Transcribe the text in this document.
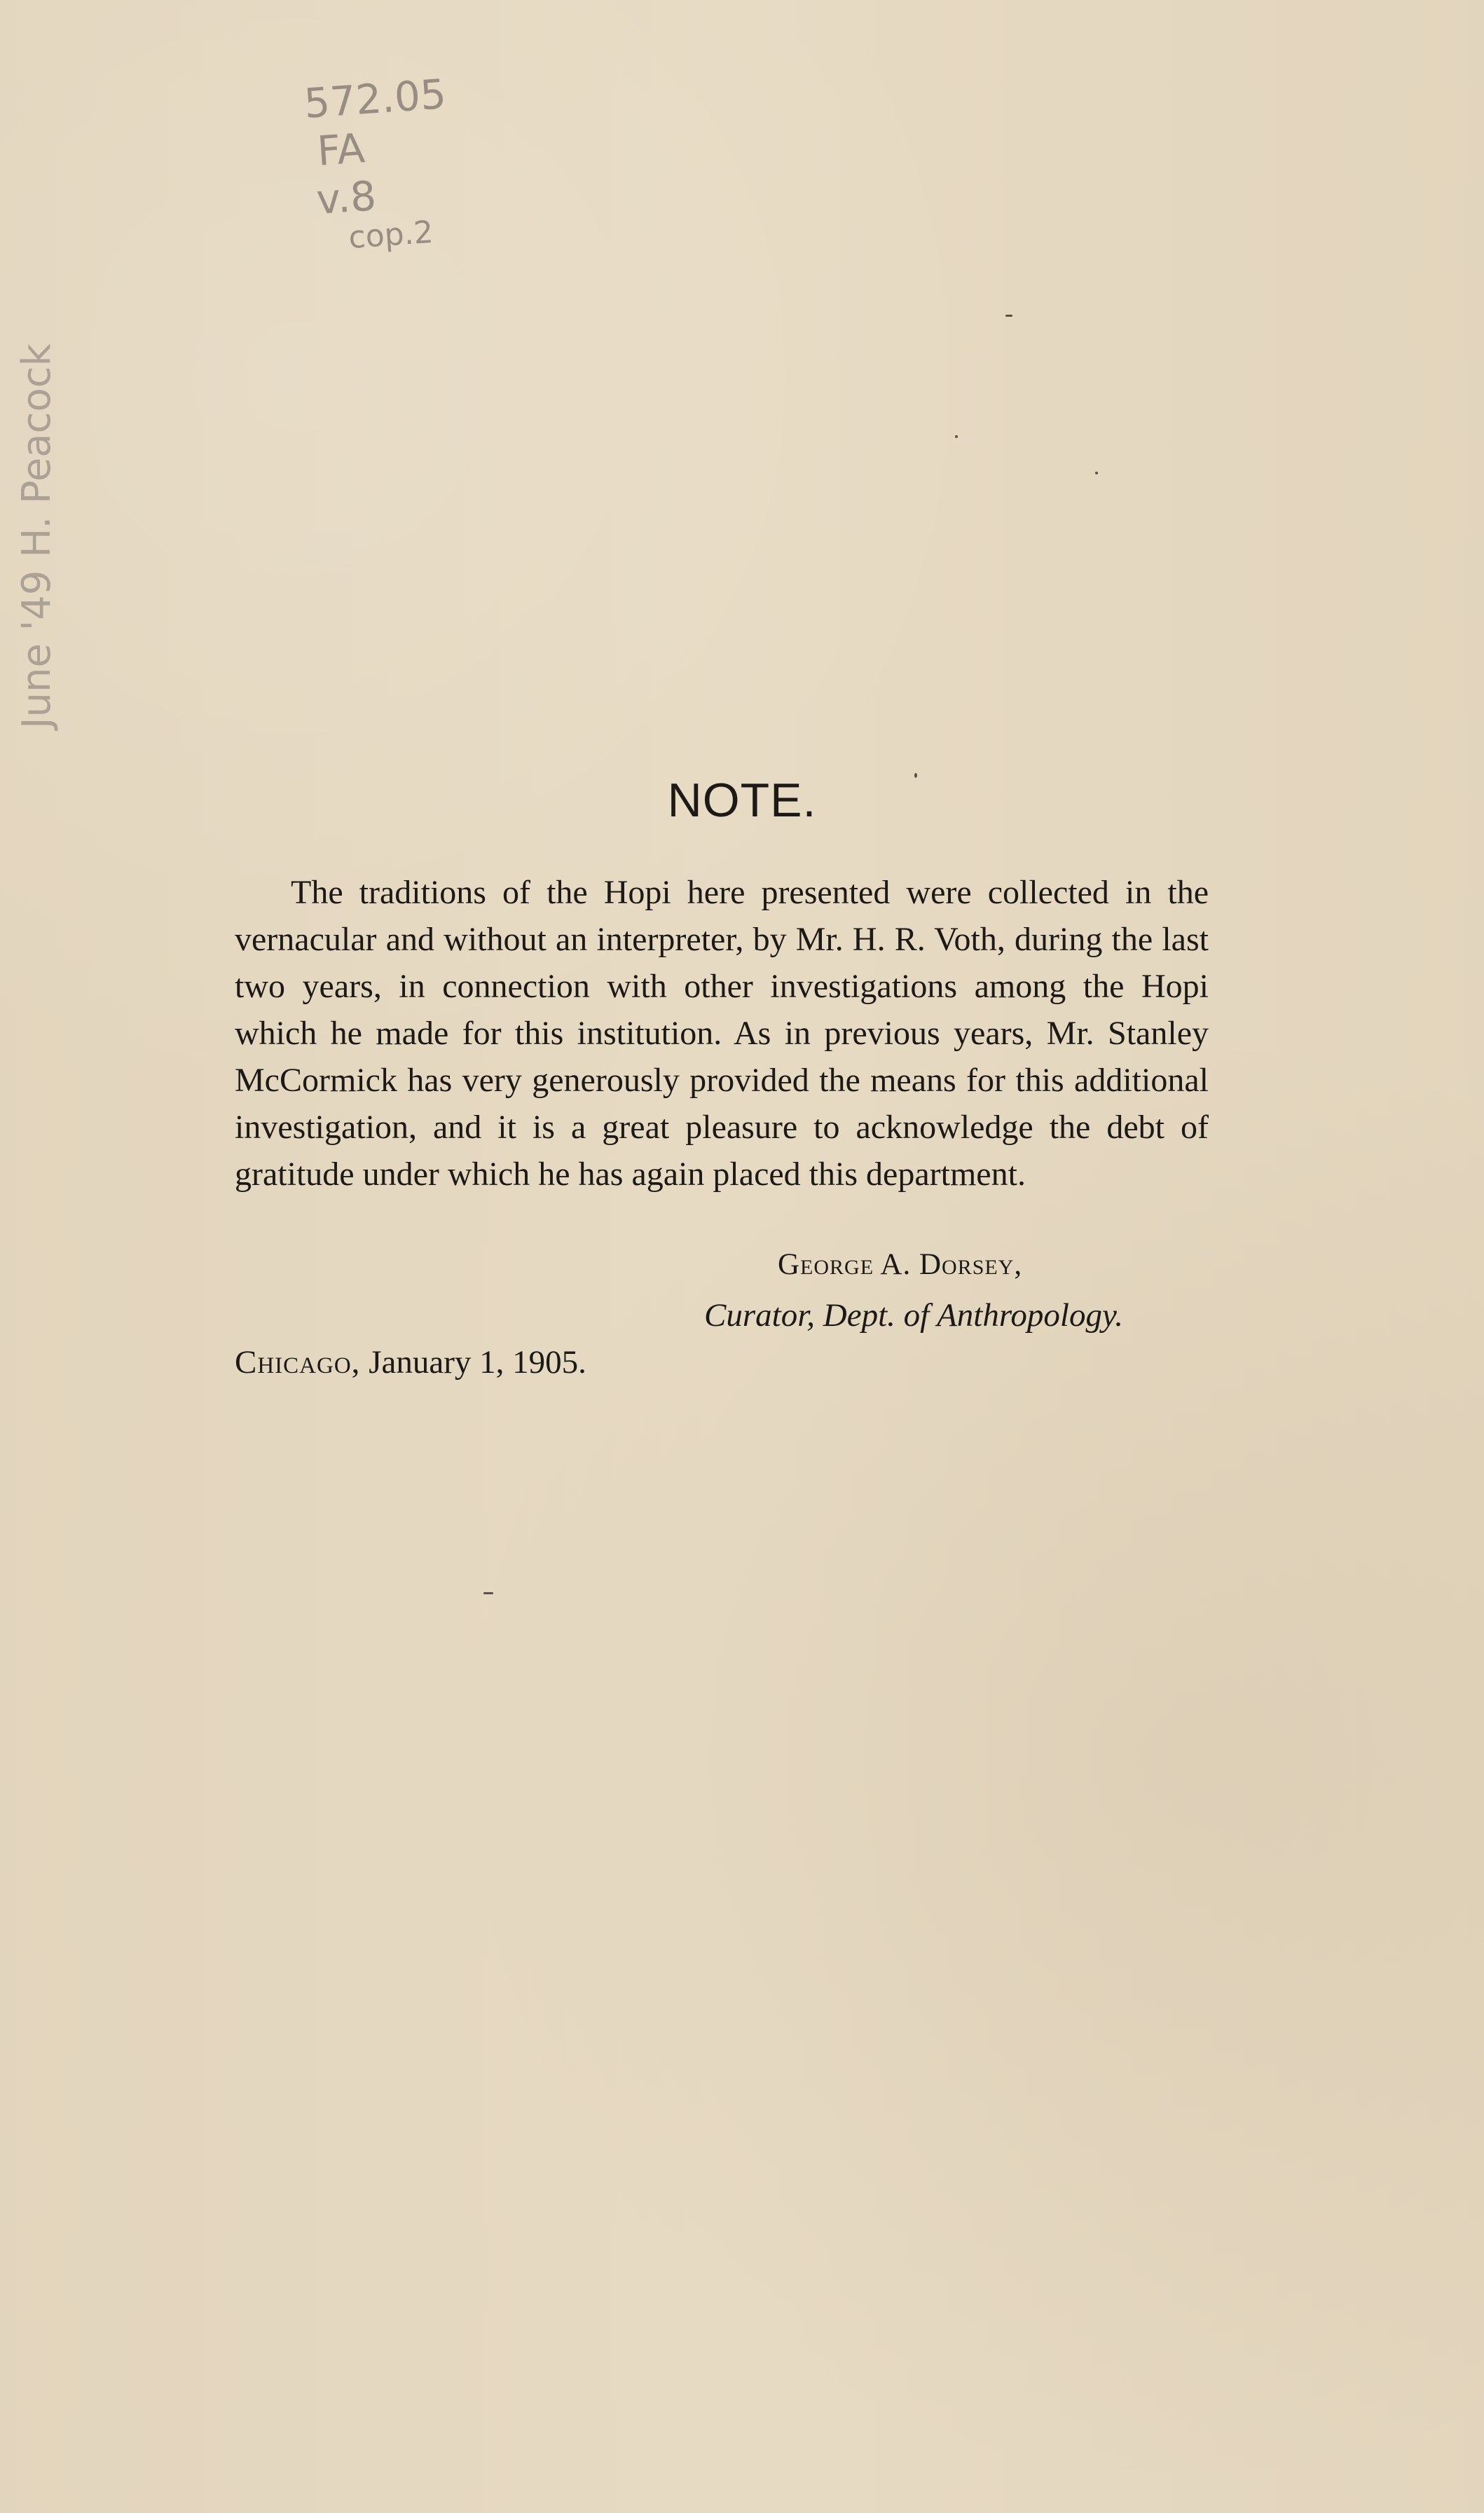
572.05
FA
v.8
cop.2
June '49 H. Peacock
NOTE.
The traditions of the Hopi here presented were collected in the vernacular and without an interpreter, by Mr. H. R. Voth, during the last two years, in connection with other investigations among the Hopi which he made for this institution. As in previous years, Mr. Stanley McCormick has very generously provided the means for this additional investigation, and it is a great pleasure to acknowledge the debt of gratitude under which he has again placed this department.
George A. Dorsey,
Curator, Dept. of Anthropology.
Chicago, January 1, 1905.
